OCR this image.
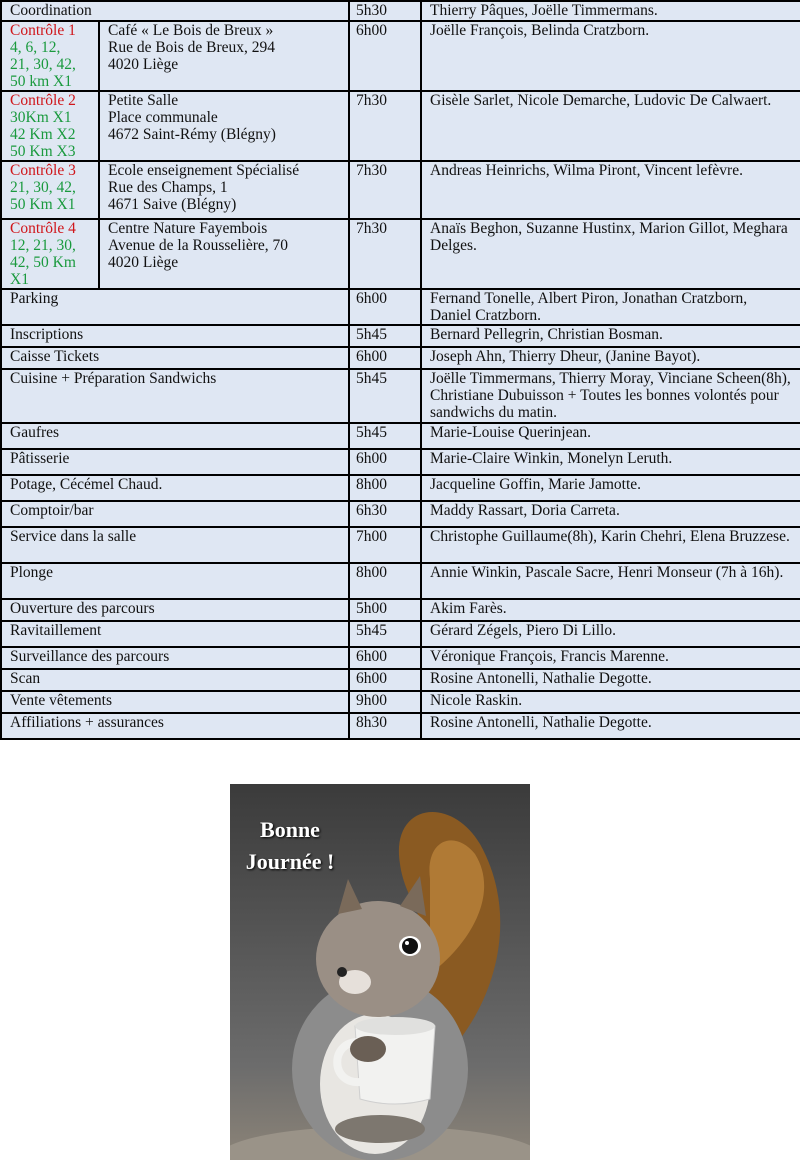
Coordination		5h30	Thierry Pâques, Joëlle Timmermans.

Contrôle 1
4, 6, 12,
21, 30, 42,
50 km X1	Café « Le Bois de Breux »
Rue de Bois de Breux, 294
4020 Liège	6h00	Joëlle François, Belinda Cratzborn.

Contrôle 2
30Km X1
42 Km X2
50 Km X3	Petite Salle
Place communale
4672 Saint-Rémy (Blégny)	7h30	Gisèle Sarlet, Nicole Demarche, Ludovic De Calwaert.

Contrôle 3
21, 30, 42,
50 Km X1	Ecole enseignement Spécialisé
Rue des Champs, 1
4671 Saive (Blégny)	7h30	Andreas Heinrichs, Wilma Piront, Vincent lefèvre.

Contrôle 4
12, 21, 30,
42, 50 Km
X1	Centre Nature Fayembois
Avenue de la Rousselière, 70
4020 Liège	7h30	Anaïs Beghon, Suzanne Hustinx, Marion Gillot, Meghara Delges.
Parking		6h00	Fernand Tonelle, Albert Piron, Jonathan Cratzborn, Daniel Cratzborn.
Inscriptions		5h45	Bernard Pellegrin, Christian Bosman.
Caisse Tickets		6h00	Joseph Ahn, Thierry Dheur, (Janine Bayot).
Cuisine + Préparation Sandwichs		5h45	Joëlle Timmermans, Thierry Moray, Vinciane Scheen(8h), Christiane Dubuisson + Toutes les bonnes volontés pour sandwichs du matin.
Gaufres		5h45	Marie-Louise Querinjean.
Pâtisserie		6h00	Marie-Claire Winkin, Monelyn Leruth.
Potage, Cécémel Chaud.		8h00	Jacqueline Goffin, Marie Jamotte.
Comptoir/bar		6h30	Maddy Rassart, Doria Carreta.
Service dans la salle		7h00	Christophe Guillaume(8h), Karin Chehri, Elena Bruzzese.
Plonge		8h00	Annie Winkin, Pascale Sacre, Henri Monseur (7h à 16h).
Ouverture des parcours		5h00	Akim Farès.
Ravitaillement		5h45	Gérard Zégels, Piero Di Lillo.
Surveillance des parcours		6h00	Véronique François, Francis Marenne.
Scan		6h00	Rosine Antonelli, Nathalie Degotte.
Vente vêtements		9h00	Nicole Raskin.
Affiliations + assurances		8h30	Rosine Antonelli, Nathalie Degotte.
Bonne
Journée !
